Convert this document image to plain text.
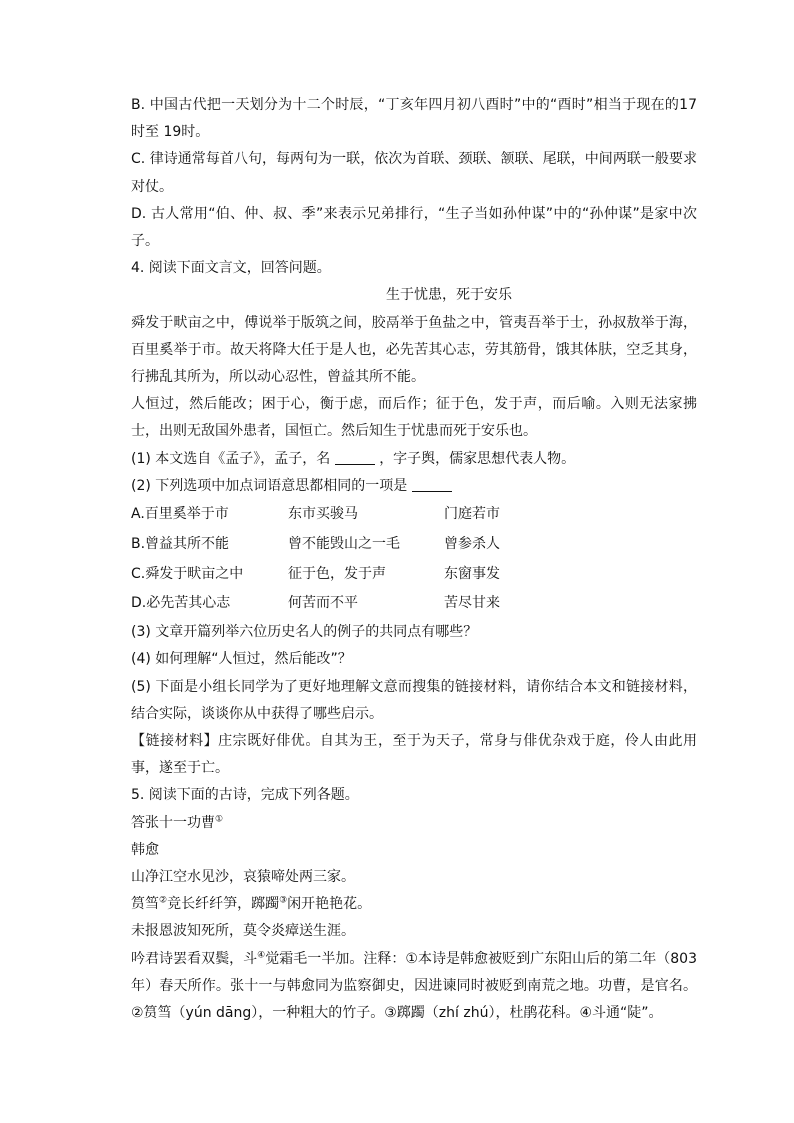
B. 中国古代把一天划分为十二个时辰，“丁亥年四月初八酉时”中的“酉时”相当于现在的17时至 19时。

C. 律诗通常每首八句，每两句为一联，依次为首联、颈联、颔联、尾联，中间两联一般要求对仗。

D. 古人常用“伯、仲、叔、季”来表示兄弟排行，“生子当如孙仲谋”中的“孙仲谋”是家中次子。

4. 阅读下面文言文，回答问题。

生于忧患，死于安乐

舜发于畎亩之中，傅说举于版筑之间，胶鬲举于鱼盐之中，管夷吾举于士，孙叔敖举于海，百里奚举于市。故天将降大任于是人也，必先苦其心志，劳其筋骨，饿其体肤，空乏其身，行拂乱其所为，所以动心忍性，曾益其所不能。

人恒过，然后能改；困于心，衡于虑，而后作；征于色，发于声，而后喻。入则无法家拂士，出则无敌国外患者，国恒亡。然后知生于忧患而死于安乐也。

(1) 本文选自《孟子》，孟子，名	，字子舆，儒家思想代表人物。

(2) 下列选项中加点词语意思都相同的一项是

A.百里奚举于市	东市买骏马	门庭若市
B.曾益其所不能	曾不能毁山之一毛	曾参杀人
C.舜发于畎亩之中	征于色，发于声	东窗事发
D.必先苦其心志	何苦而不平	苦尽甘来

(3) 文章开篇列举六位历史名人的例子的共同点有哪些？

(4) 如何理解“人恒过，然后能改”？

(5) 下面是小组长同学为了更好地理解文意而搜集的链接材料，请你结合本文和链接材料，结合实际，谈谈你从中获得了哪些启示。

【链接材料】庄宗既好俳优。自其为王，至于为天子，常身与俳优杂戏于庭，伶人由此用事，遂至于亡。

5. 阅读下面的古诗，完成下列各题。

答张十一功曹①

韩愈

山净江空水见沙，哀猿啼处两三家。

筼筜②竞长纤纤笋，踯躅③闲开艳艳花。

未报恩波知死所，莫令炎瘴送生涯。

吟君诗罢看双鬓，斗④觉霜毛一半加。注释：①本诗是韩愈被贬到广东阳山后的第二年（803年）春天所作。张十一与韩愈同为监察御史，因进谏同时被贬到南荒之地。功曹，是官名。②筼筜（yún dāng），一种粗大的竹子。③踯躅（zhí zhú），杜鹃花科。④斗通“陡”。
